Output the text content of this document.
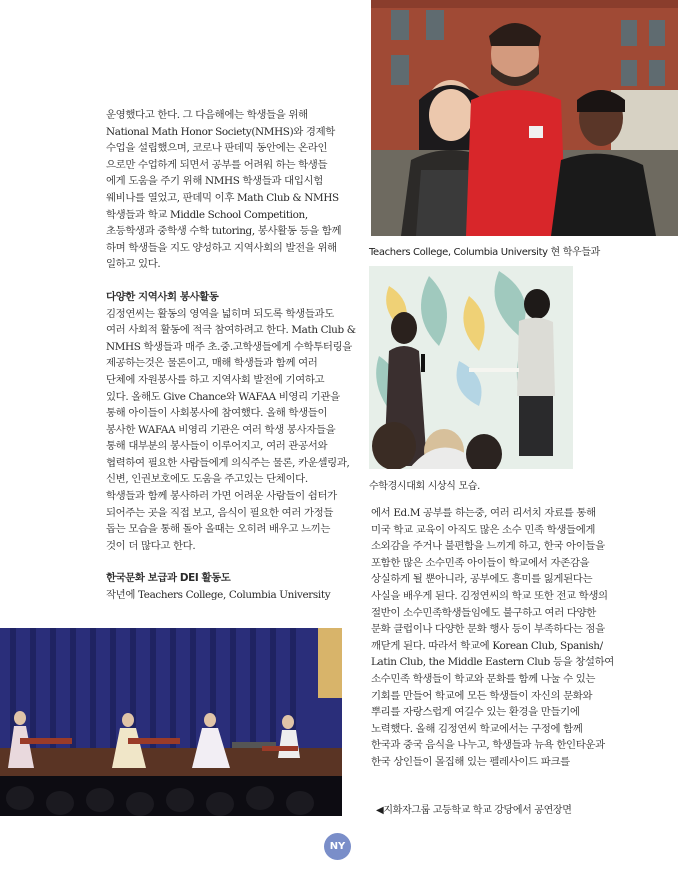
Teachers College, Columbia University 현 학우들과
수학경시대회 시상식 모습.

운영했다고 한다. 그 다음해에는 학생들을 위해
National Math Honor Society(NMHS)와 경제학
수업을 설립했으며, 코로나 판데믹 동안에는 온라인
으로만 수업하게 되면서 공부를 어려워 하는 학생들
에게 도움을 주기 위해 NMHS 학생들과 대입시험
웨비나를 열었고, 판데믹 이후 Math Club & NMHS
학생들과 학교 Middle School Competition,
초등학생과 중학생 수학 tutoring, 봉사활동 등을 함께
하며 학생들을 지도 양성하고 지역사회의 발전을 위해
일하고 있다.

다양한 지역사회 봉사활동

김정연씨는 활동의 영역을 넓히며 되도록 학생들과도
여러 사회적 활동에 적극 참여하려고 한다. Math Club &
NMHS 학생들과 매주 초.중.고학생들에게 수학투터링을
제공하는것은 물론이고, 매해 학생들과 함께 여러
단체에 자원봉사를 하고 지역사회 발전에 기여하고
있다. 올해도 Give Chance와 WAFAA 비영리 기관을
통해 아이들이 사회봉사에 참여했다. 올해 학생들이
봉사한 WAFAA 비영리 기관은 여러 학생 봉사자들을
통해 대부분의 봉사들이 이루어지고, 여러 관공서와
협력하여 필요한 사람들에게 의식주는 물론, 카운셀링과,
신변, 인권보호에도 도움을 주고있는 단체이다.
학생들과 함께 봉사하러 가면 어려운 사람들이 쉼터가
되어주는 곳을 직접 보고, 음식이 필요한 여러 가정들
돕는 모습을 통해 돌아 올때는 오히려 배우고 느끼는
것이 더 많다고 한다.

한국문화 보급과 DEI 활동도

작년에 Teachers College, Columbia University

에서 Ed.M 공부를 하는중, 여러 리서치 자료를 통해
미국 학교 교육이 아직도 많은 소수 민족 학생들에게
소외감을 주거나 불편함을 느끼게 하고, 한국 아이들을
포함한 많은 소수민족 아이들이 학교에서 자존감을
상실하게 될 뿐아니라, 공부에도 흥미를 잃게된다는
사실을 배우게 된다. 김정연씨의 학교 또한 전교 학생의
절반이 소수민족학생들임에도 불구하고 여러 다양한
문화 클럽이나 다양한 문화 행사 등이 부족하다는 점을
깨닫게 된다. 따라서 학교에 Korean Club, Spanish/
Latin Club, the Middle Eastern Club 등을 창설하여
소수민족 학생들이 학교와 문화를 함께 나눌 수 있는
기회를 만들어 학교에 모든 학생들이 자신의 문화와
뿌리를 자랑스럽게 여길수 있는 환경을 만들기에
노력했다. 올해 김정연씨 학교에서는 구정에 함께
한국과 중국 음식을 나누고, 학생들과 뉴욕 한인타운과
한국 상인들이 몰집해 있는 펠레사이드 파크를

◀지화자그룹 고등학교 학교 강당에서 공연장면
NY
